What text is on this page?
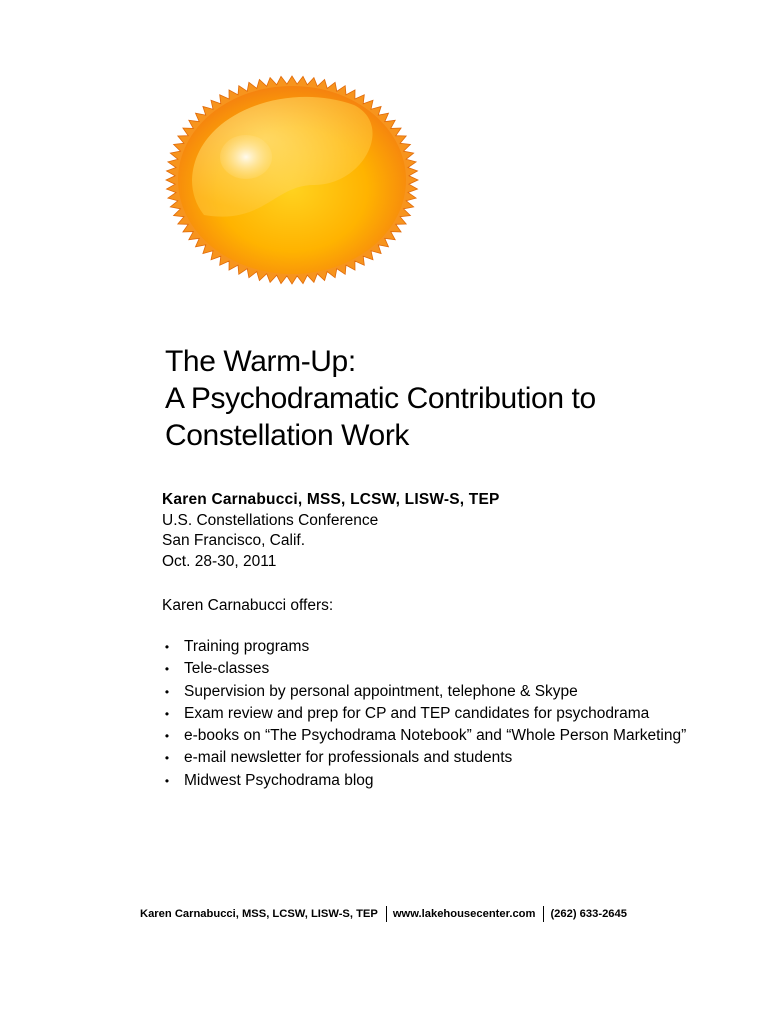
The Warm-Up:
A Psychodramatic Contribution to
Constellation Work
Karen Carnabucci, MSS, LCSW, LISW-S, TEP
U.S. Constellations Conference
San Francisco, Calif.
Oct. 28-30, 2011
Karen Carnabucci offers:
• Training programs
• Tele-classes
• Supervision by personal appointment, telephone & Skype
• Exam review and prep for CP and TEP candidates for psychodrama
• e-books on “The Psychodrama Notebook” and “Whole Person Marketing”
• e-mail newsletter for professionals and students
• Midwest Psychodrama blog
Karen Carnabucci, MSS, LCSW, LISW-S, TEP www.lakehousecenter.com (262) 633-2645
